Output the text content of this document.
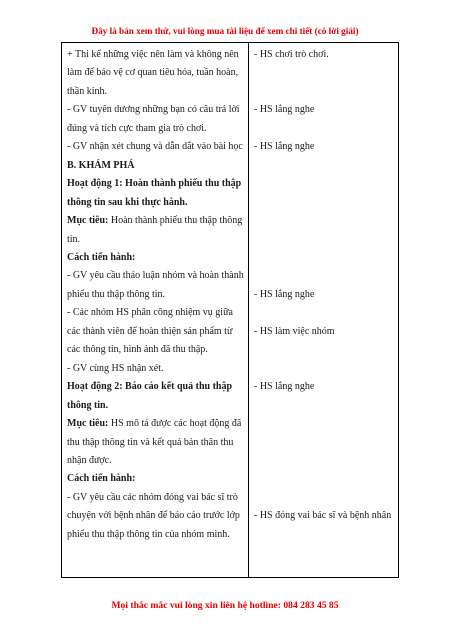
Đây là bản xem thử, vui lòng mua tài liệu để xem chi tiết (có lời giải)

+ Thi kể những việc nên làm và không nên làm để bảo vệ cơ quan tiêu hóa, tuần hoàn, thần kinh.

- GV tuyên dương những bạn có câu trả lời đúng và tích cực tham gia trò chơi.

- GV nhận xét chung và dẫn dắt vào bài học

B. KHÁM PHÁ

Hoạt động 1: Hoàn thành phiếu thu thập thông tin sau khi thực hành.

Mục tiêu: Hoàn thành phiếu thu thập thông tin.

Cách tiến hành:

- GV yêu cầu thảo luận nhóm và hoàn thành phiếu thu thập thông tin.

- Các nhóm HS phân công nhiệm vụ giữa các thành viên để hoàn thiện sản phẩm từ các thông tin, hình ảnh đã thu thập.

- GV cùng HS nhận xét.

Hoạt động 2: Báo cáo kết quả thu thập thông tin.

Mục tiêu: HS mô tả được các hoạt động đã thu thập thông tin và kết quả bản thân thu nhận được.

Cách tiến hành:

- GV yêu cầu các nhóm đóng vai bác sĩ trò chuyện với bệnh nhân để báo cáo trước lớp phiếu thu thập thông tin của nhóm mình.

- HS chơi trò chơi.
- HS lắng nghe
- HS lắng nghe
- HS lắng nghe
- HS làm việc nhóm
- HS lắng nghe
- HS đóng vai bác sĩ và bệnh nhân
Mọi thắc mắc vui lòng xin liên hệ hotline: 084 283 45 85
